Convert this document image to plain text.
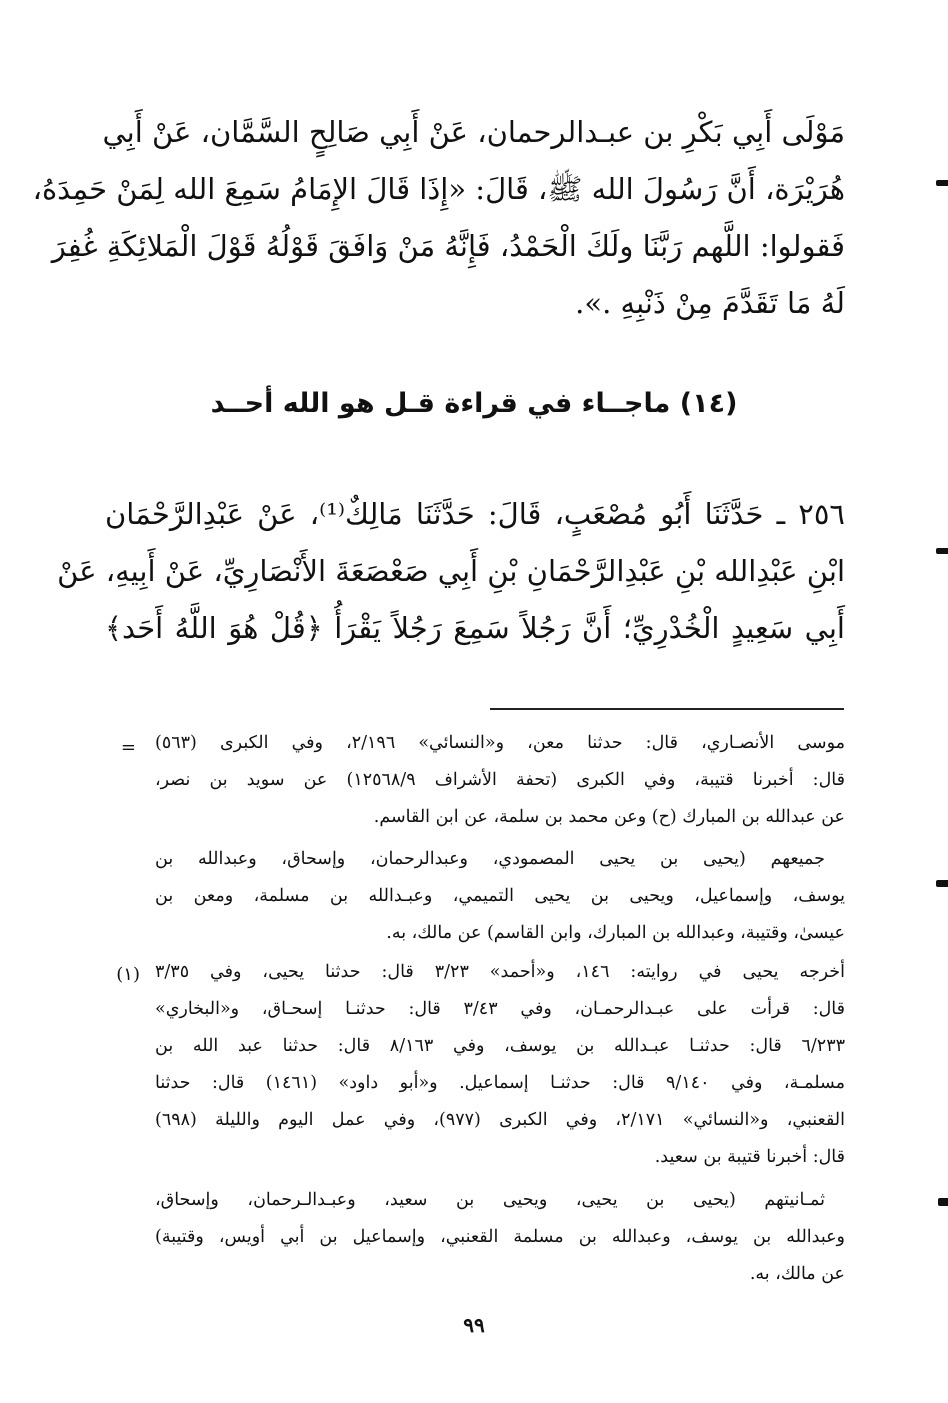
مَوْلَى أَبِي بَكْرِ بن عبـدالرحمان، عَنْ أَبِي صَالِحٍ السَّمَّان، عَنْ أَبِي
هُرَيْرَة، أَنَّ رَسُولَ الله ﷺ، قَالَ: «إِذَا قَالَ الإِمَامُ سَمِعَ الله لِمَنْ حَمِدَهُ،
فَقولوا: اللَّهم رَبَّنَا ولَكَ الْحَمْدُ، فَإِنَّهُ مَنْ وَافَقَ قَوْلُهُ قَوْلَ الْمَلائِكَةِ غُفِرَ
لَهُ مَا تَقَدَّمَ مِنْ ذَنْبِهِ .».
(١٤) ماجــاء في قراءة قـل هو الله أحــد
٢٥٦ ـ حَدَّثَنَا أَبُو مُصْعَبٍ، قَالَ: حَدَّثَنَا مَالِكٌ⁽¹⁾، عَنْ عَبْدِالرَّحْمَان
ابْنِ عَبْدِالله بْنِ عَبْدِالرَّحْمَانِ بْنِ أَبِي صَعْصَعَةَ الأَنْصَارِيِّ، عَنْ أَبِيهِ، عَنْ
أَبِي سَعِيدٍ الْخُدْرِيِّ؛ أَنَّ رَجُلاً سَمِعَ رَجُلاً يَقْرَأُ ﴿قُلْ هُوَ اللَّهُ أَحَد﴾
= موسى الأنصـاري، قال: حدثنا معن، و«النسائي» ٢/١٩٦، وفي الكبرى (٥٦٣)
قال: أخبرنا قتيبة، وفي الكبرى (تحفة الأشراف ١٢٥٦٨/٩) عن سويد بن نصر،
عن عبدالله بن المبارك (ح) وعن محمد بن سلمة، عن ابن القاسم.
جميعهم (يحيى بن يحيى المصمودي، وعبدالرحمان، وإسحاق، وعبدالله بن
يوسف، وإسماعيل، ويحيى بن يحيى التميمي، وعبـدالله بن مسلمة، ومعن بن
عيسىٰ، وقتيبة، وعبدالله بن المبارك، وابن القاسم) عن مالك، به.
(١) أخرجه يحيى في روايته: ١٤٦، و«أحمد» ٣/٢٣ قال: حدثنا يحيى، وفي ٣/٣٥
قال: قرأت على عبـدالرحمـان، وفي ٣/٤٣ قال: حدثنـا إسحـاق، و«البخاري»
٦/٢٣٣ قال: حدثنـا عبـدالله بن يوسف، وفي ٨/١٦٣ قال: حدثنا عبد الله بن
مسلمـة، وفي ٩/١٤٠ قال: حدثنـا إسماعيل. و«أبو داود» (١٤٦١) قال: حدثنا
القعنبي، و«النسائي» ٢/١٧١، وفي الكبرى (٩٧٧)، وفي عمل اليوم والليلة (٦٩٨)
قال: أخبرنا قتيبة بن سعيد.
ثمـانيتهم (يحيى بن يحيى، ويحيى بن سعيد، وعبـدالـرحمان، وإسحاق،
وعبدالله بن يوسف، وعبدالله بن مسلمة القعنبي، وإسماعيل بن أبي أويس، وقتيبة)
عن مالك، به.
٩٩
